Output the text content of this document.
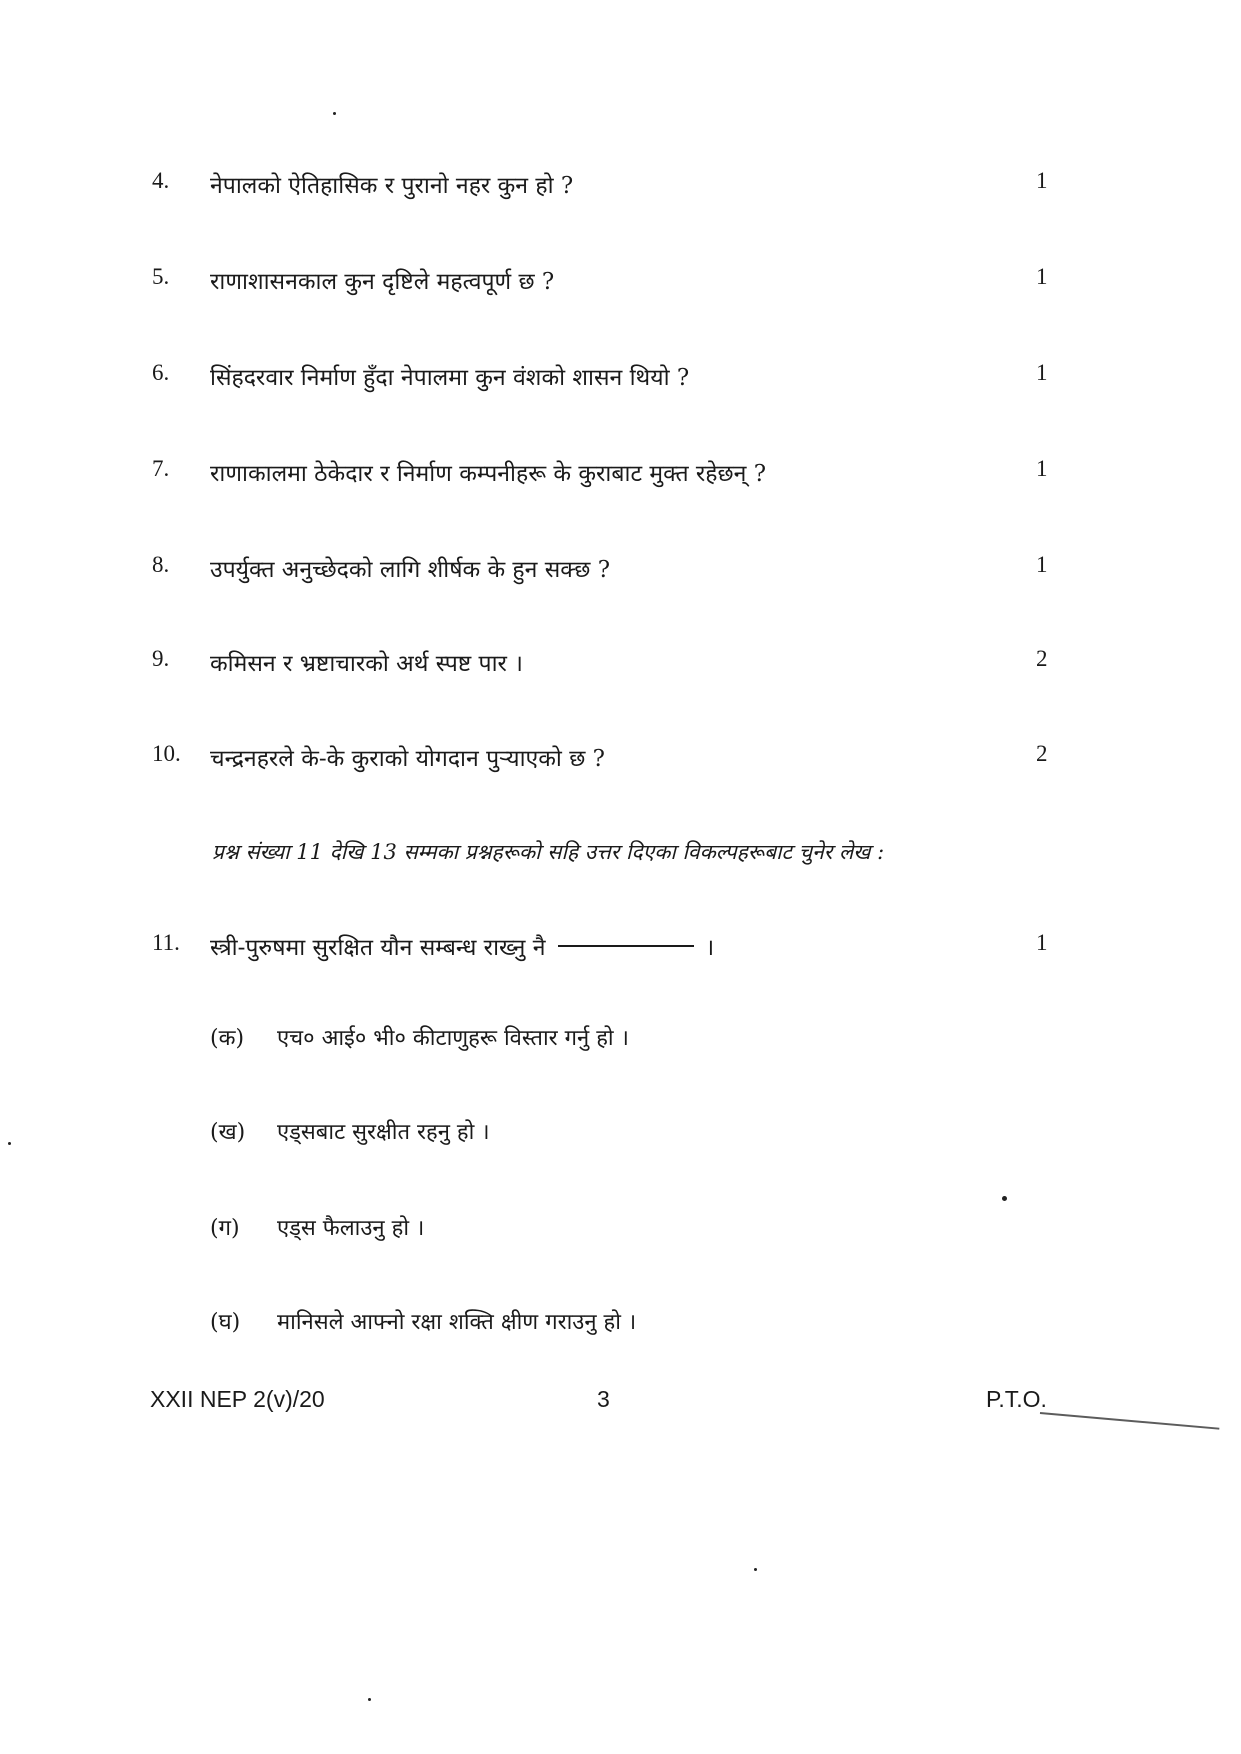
4. नेपालको ऐतिहासिक र पुरानो नहर कुन हो ?	1
5. राणाशासनकाल कुन दृष्टिले महत्वपूर्ण छ ?	1
6. सिंहदरवार निर्माण हुँदा नेपालमा कुन वंशको शासन थियो ?	1
7. राणाकालमा ठेकेदार र निर्माण कम्पनीहरू के कुराबाट मुक्त रहेछन् ?	1
8. उपर्युक्त अनुच्छेदको लागि शीर्षक के हुन सक्छ ?	1
9. कमिसन र भ्रष्टाचारको अर्थ स्पष्ट पार ।	2
10. चन्द्रनहरले के-के कुराको योगदान पुर्‍याएको छ ?	2
प्रश्न संख्या 11 देखि 13 सम्मका प्रश्नहरूको सहि उत्तर दिएका विकल्पहरूबाट चुनेर लेख :
11. स्त्री-पुरुषमा सुरक्षित यौन सम्बन्ध राख्नु नै	।	1
(क) एच० आई० भी० कीटाणुहरू विस्तार गर्नु हो ।
(ख) एड्सबाट सुरक्षीत रहनु हो ।
(ग) एड्स फैलाउनु हो ।
(घ) मानिसले आफ्नो रक्षा शक्ति क्षीण गराउनु हो ।
XXII NEP 2(v)/20	3	P.T.O.
